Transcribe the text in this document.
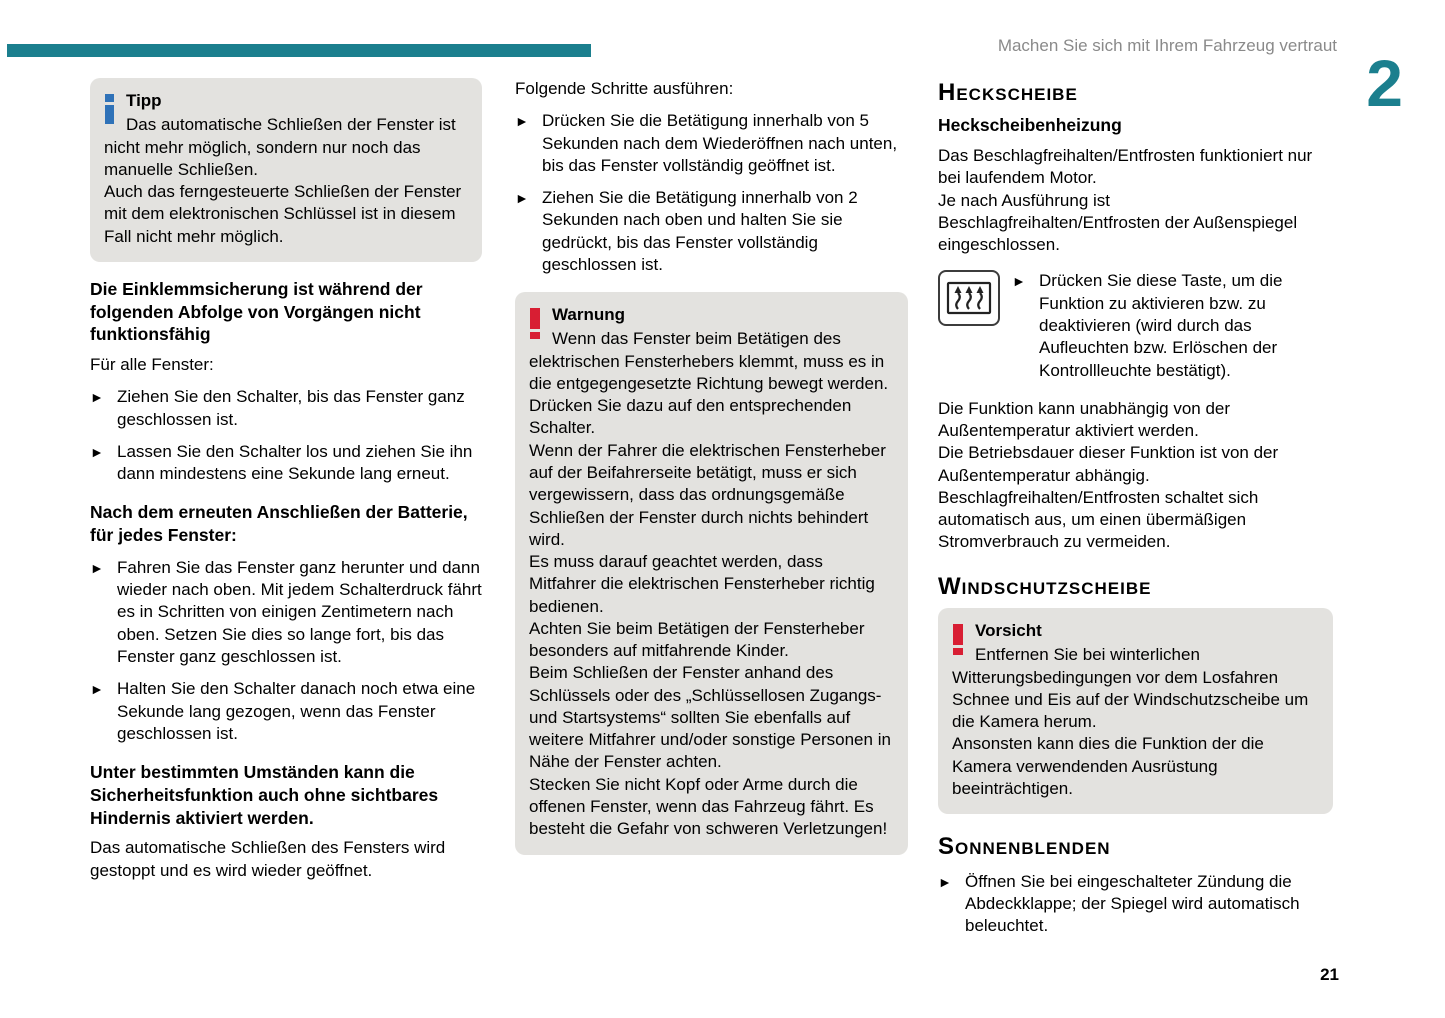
Machen Sie sich mit Ihrem Fahrzeug vertraut
2
21
Tipp

Das automatische Schließen der Fenster ist nicht mehr möglich, sondern nur noch das manuelle Schließen.

Auch das ferngesteuerte Schließen der Fenster mit dem elektronischen Schlüssel ist in diesem Fall nicht mehr möglich.

Die Einklemmsicherung ist während der folgenden Abfolge von Vorgängen nicht funktionsfähig

Für alle Fenster:

► Ziehen Sie den Schalter, bis das Fenster ganz geschlossen ist.
► Lassen Sie den Schalter los und ziehen Sie ihn dann mindestens eine Sekunde lang erneut.
Nach dem erneuten Anschließen der Batterie, für jedes Fenster:
► Fahren Sie das Fenster ganz herunter und dann wieder nach oben. Mit jedem Schalterdruck fährt es in Schritten von einigen Zentimetern nach oben. Setzen Sie dies so lange fort, bis das Fenster ganz geschlossen ist.
► Halten Sie den Schalter danach noch etwa eine Sekunde lang gezogen, wenn das Fenster geschlossen ist.
Unter bestimmten Umständen kann die Sicherheitsfunktion auch ohne sichtbares Hindernis aktiviert werden.

Das automatische Schließen des Fensters wird gestoppt und es wird wieder geöffnet.

Folgende Schritte ausführen:

► Drücken Sie die Betätigung innerhalb von 5 Sekunden nach dem Wiederöffnen nach unten, bis das Fenster vollständig geöffnet ist.
► Ziehen Sie die Betätigung innerhalb von 2 Sekunden nach oben und halten Sie sie gedrückt, bis das Fenster vollständig geschlossen ist.
Warnung

Wenn das Fenster beim Betätigen des elektrischen Fensterhebers klemmt, muss es in die entgegengesetzte Richtung bewegt werden. Drücken Sie dazu auf den entsprechenden Schalter.

Wenn der Fahrer die elektrischen Fensterheber auf der Beifahrerseite betätigt, muss er sich vergewissern, dass das ordnungsgemäße Schließen der Fenster durch nichts behindert wird.

Es muss darauf geachtet werden, dass Mitfahrer die elektrischen Fensterheber richtig bedienen.

Achten Sie beim Betätigen der Fensterheber besonders auf mitfahrende Kinder.

Beim Schließen der Fenster anhand des Schlüssels oder des „Schlüssellosen Zugangs- und Startsystems“ sollten Sie ebenfalls auf weitere Mitfahrer und/oder sonstige Personen in Nähe der Fenster achten.

Stecken Sie nicht Kopf oder Arme durch die offenen Fenster, wenn das Fahrzeug fährt. Es besteht die Gefahr von schweren Verletzungen!

Heckscheibe
Heckscheibenheizung

Das Beschlagfreihalten/Entfrosten funktioniert nur bei laufendem Motor.

Je nach Ausführung ist Beschlagfreihalten/Entfrosten der Außenspiegel eingeschlossen.

► Drücken Sie diese Taste, um die Funktion zu aktivieren bzw. zu deaktivieren (wird durch das Aufleuchten bzw. Erlöschen der Kontrollleuchte bestätigt).

Die Funktion kann unabhängig von der Außentemperatur aktiviert werden.

Die Betriebsdauer dieser Funktion ist von der Außentemperatur abhängig.

Beschlagfreihalten/Entfrosten schaltet sich automatisch aus, um einen übermäßigen Stromverbrauch zu vermeiden.

Windschutzscheibe
Vorsicht

Entfernen Sie bei winterlichen Witterungsbedingungen vor dem Losfahren Schnee und Eis auf der Windschutzscheibe um die Kamera herum.

Ansonsten kann dies die Funktion der die Kamera verwendenden Ausrüstung beeinträchtigen.

Sonnenblenden
► Öffnen Sie bei eingeschalteter Zündung die Abdeckklappe; der Spiegel wird automatisch beleuchtet.
